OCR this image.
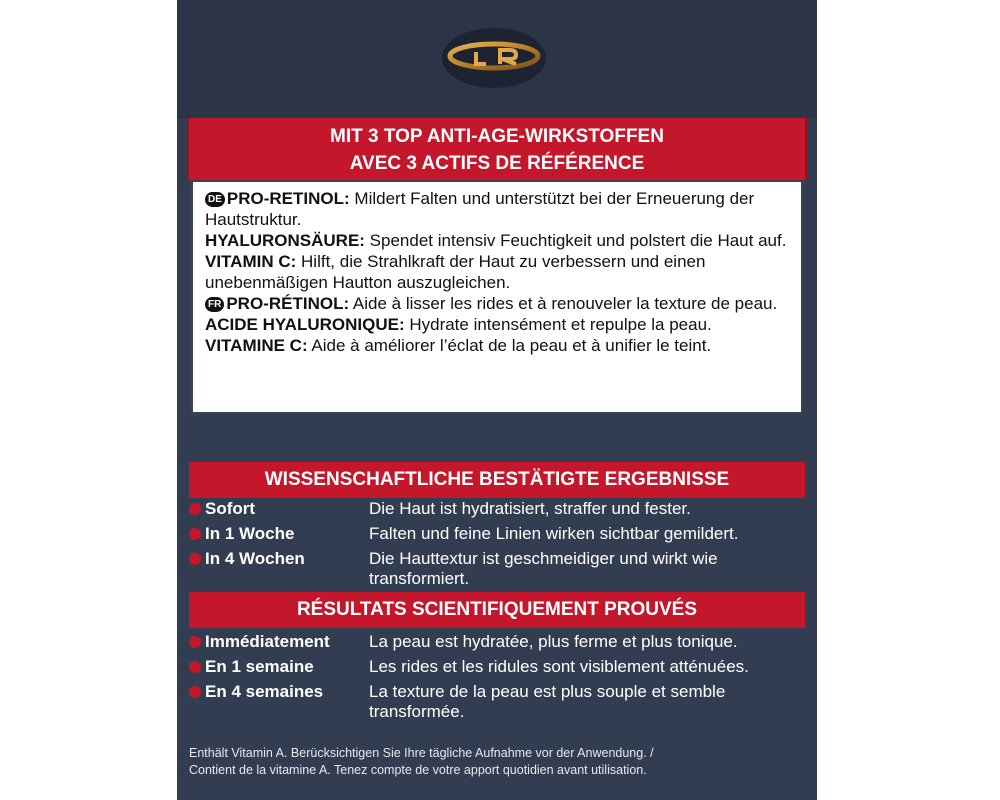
MIT 3 TOP ANTI-AGE-WIRKSTOFFEN
AVEC 3 ACTIFS DE RÉFÉRENCE

DE PRO-RETINOL: Mildert Falten und unterstützt bei der Erneuerung der Hautstruktur.

HYALURONSÄURE: Spendet intensiv Feuchtigkeit und polstert die Haut auf.

VITAMIN C: Hilft, die Strahlkraft der Haut zu verbessern und einen unebenmäßigen Hautton auszugleichen.

FR PRO-RÉTINOL: Aide à lisser les rides et à renouveler la texture de peau.

ACIDE HYALURONIQUE: Hydrate intensément et repulpe la peau.

VITAMINE C: Aide à améliorer l’éclat de la peau et à unifier le teint.

WISSENSCHAFTLICHE BESTÄTIGTE ERGEBNISSE
Sofort	Die Haut ist hydratisiert, straffer und fester.
In 1 Woche	Falten und feine Linien wirken sichtbar gemildert.
In 4 Wochen	Die Hauttextur ist geschmeidiger und wirkt wie transformiert.
RÉSULTATS SCIENTIFIQUEMENT PROUVÉS
Immédiatement La peau est hydratée, plus ferme et plus tonique.
En 1 semaine	Les rides et les ridules sont visiblement atténuées.
En 4 semaines	La texture de la peau est plus souple et semble transformée.
Enthält Vitamin A. Berücksichtigen Sie Ihre tägliche Aufnahme vor der Anwendung. /
Contient de la vitamine A. Tenez compte de votre apport quotidien avant utilisation.
